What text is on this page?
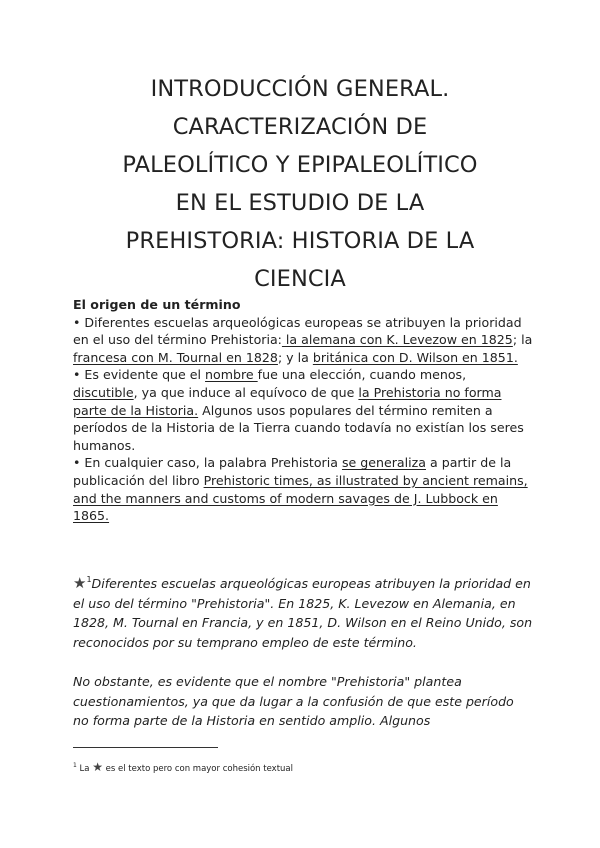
INTRODUCCIÓN GENERAL.
CARACTERIZACIÓN DE
PALEOLÍTICO Y EPIPALEOLÍTICO
EN EL ESTUDIO DE LA
PREHISTORIA: HISTORIA DE LA
CIENCIA
El origen de un término

• Diferentes escuelas arqueológicas europeas se atribuyen la prioridad en el uso del término Prehistoria: la alemana con K. Levezow en 1825; la francesa con M. Tournal en 1828; y la británica con D. Wilson en 1851.

• Es evidente que el nombre fue una elección, cuando menos, discutible, ya que induce al equívoco de que la Prehistoria no forma parte de la Historia. Algunos usos populares del término remiten a períodos de la Historia de la Tierra cuando todavía no existían los seres humanos.

• En cualquier caso, la palabra Prehistoria se generaliza a partir de la publicación del libro Prehistoric times, as illustrated by ancient remains, and the manners and customs of modern savages de J. Lubbock en 1865.

★$^1$Diferentes escuelas arqueológicas europeas atribuyen la prioridad en el uso del término "Prehistoria". En 1825, K. Levezow en Alemania, en 1828, M. Tournal en Francia, y en 1851, D. Wilson en el Reino Unido, son reconocidos por su temprano empleo de este término.

No obstante, es evidente que el nombre "Prehistoria" plantea cuestionamientos, ya que da lugar a la confusión de que este período no forma parte de la Historia en sentido amplio. Algunos

$^1$ La ★ es el texto pero con mayor cohesión textual
